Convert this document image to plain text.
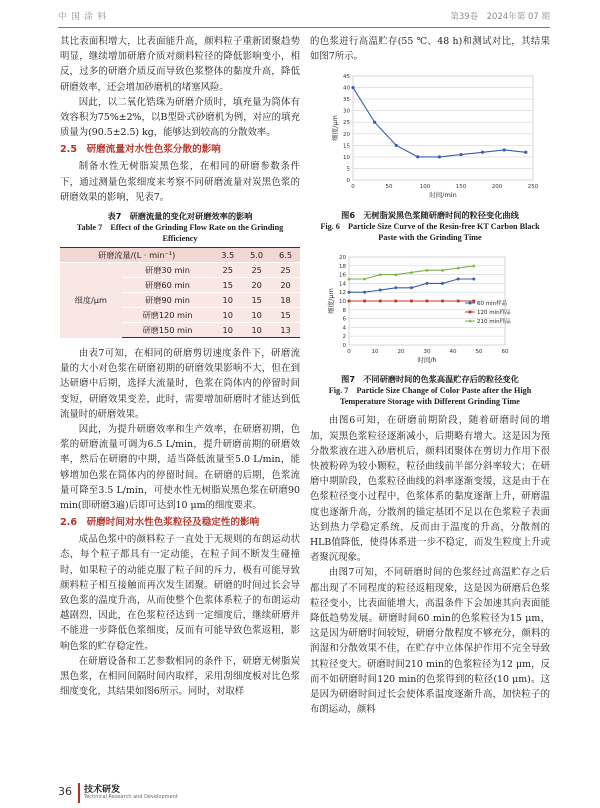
中 国 涂 料	第39卷　2024年第 07 期

其比表面积增大，比表面能升高，颜料粒子重新团聚趋势明显，继续增加研磨介质对颜料粒径的降低影响变小，相反，过多的研磨介质反而导致色浆整体的黏度升高，降低研磨效率，还会增加砂磨机的堵塞风险。

因此，以二氧化锆珠为研磨介质时，填充量为筒体有效容积为75%±2%，以B型卧式砂磨机为例，对应的填充质量为(90.5±2.5) kg，能够达到较高的分散效率。

2.5　研磨流量对水性色浆分散的影响

制备水性无树脂炭黑色浆，在相同的研磨参数条件下，通过测量色浆细度来考察不同研磨流量对炭黑色浆的研磨效果的影响，见表7。

表7　研磨流量的变化对研磨效率的影响
Table 7　Effect of the Grinding Flow Rate on the Grinding Efficiency
研磨流量/(L · min⁻¹)		3.5	5.0	6.5
细度/μm	研磨30 min	25	25	25
	研磨60 min	15	20	20
	研磨90 min	10	15	18
	研磨120 min	10	10	15
	研磨150 min	10	10	13

由表7可知，在相同的研磨剪切速度条件下，研磨流量的大小对色浆在研磨初期的研磨效果影响不大，但在到达研磨中后期，选择大流量时，色浆在筒体内的停留时间变短，研磨效果变差，此时，需要增加研磨时才能达到低流量时的研磨效果。

因此，为提升研磨效率和生产效率，在研磨初期，色浆的研磨流量可调为6.5 L/min，提升研磨前期的研磨效率，然后在研磨的中期，适当降低流量至5.0 L/min，能够增加色浆在筒体内的停留时间。在研磨的后期，色浆流量可降至3.5 L/min，可使水性无树脂炭黑色浆在研磨90 min(即研磨3遍)后即可达到10 μm的细度要求。

2.6　研磨时间对水性色浆粒径及稳定性的影响

成品色浆中的颜料粒子一直处于无规则的布朗运动状态，每个粒子都具有一定动能，在粒子间不断发生碰撞时，如果粒子的动能克服了粒子间的斥力，极有可能导致颜料粒子相互接触而再次发生团聚。研磨的时间过长会导致色浆的温度升高，从而使整个色浆体系粒子的布朗运动越剧烈，因此，在色浆粒径达到一定细度后，继续研磨并不能进一步降低色浆细度，反而有可能导致色浆返粗，影响色浆的贮存稳定性。

在研磨设备和工艺参数相同的条件下，研磨无树脂炭黑色浆，在相同间隔时间内取样，采用刮细度板对比色浆细度变化，其结果如图6所示。同时，对取样

的色浆进行高温贮存(55 ℃、48 h)和测试对比，其结果如图7所示。

0
5
10
15
20
25
30
35
40
45
0	50	100	150	200	250
时间/min
细度/μm
图6　无树脂炭黑色浆随研磨时间的粒径变化曲线
Fig. 6　Particle Size Curve of the Resin-free KT Carbon Black Paste with the Grinding Time
0
2
4
6
8
10
12
14
16
18
20
0	10	20	30	40	50	60
时间/h
细度/μm	60 min样品
120 min样品
210 min样品
图7　不同研磨时间的色浆高温贮存后的粒径变化
Fig. 7　Particle Size Change of Color Paste after the High Temperature Storage with Different Grinding Time

由图6可知，在研磨前期阶段，随着研磨时间的增加，炭黑色浆粒径逐渐减小，后期略有增大。这是因为预分散浆液在进入砂磨机后，颜料团聚体在剪切力作用下很快被粉碎为较小颗粒，粒径曲线前半部分斜率较大；在研磨中期阶段，色浆粒径曲线的斜率逐渐变缓，这是由于在色浆粒径变小过程中，色浆体系的黏度逐渐上升，研磨温度也逐渐升高，分散剂的锚定基团不足以在色浆粒子表面达到热力学稳定系统，反而由于温度的升高，分散剂的HLB值降低，使得体系进一步不稳定，而发生粒度上升或者聚沉现象。

由图7可知，不同研磨时间的色浆经过高温贮存之后都出现了不同程度的粒径返粗现象，这是因为研磨后色浆粒径变小，比表面能增大，高温条件下会加速其向表面能降低趋势发展。研磨时间60 min的色浆粒径为15 μm，这是因为研磨时间较短，研磨分散程度不够充分，颜料的润湿和分散效果不佳，在贮存中立体保护作用不完全导致其粒径变大。研磨时间210 min的色浆粒径为12 μm，反而不如研磨时间120 min的色浆得到的粒径(10 μm)。这是因为研磨时间过长会使体系温度逐渐升高，加快粒子的布朗运动，颜料

36 技术研发
Technical Research and Development
